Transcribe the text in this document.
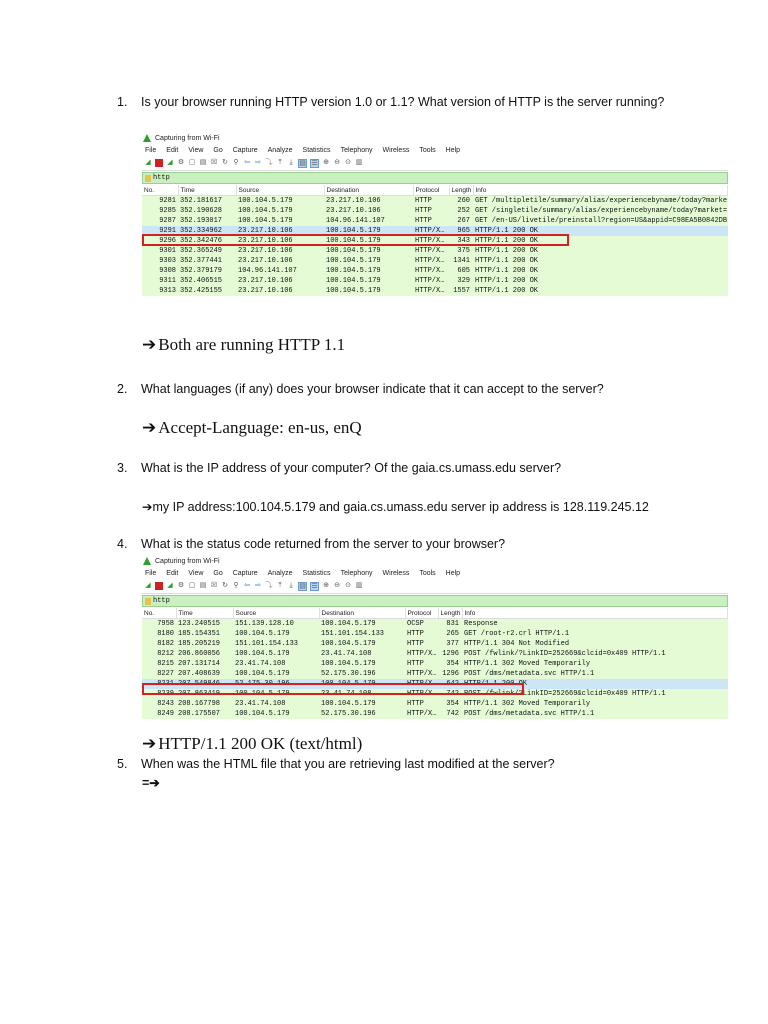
1. Is your browser running HTTP version 1.0 or 1.1? What version of HTTP is the server running?
Capturing from Wi-Fi
File Edit View Go Capture Analyze Statistics Telephony Wireless Tools Help
◢ ◢ ⚙ ▢ ▤ ☒ ↻ ⚲ ⇦ ⇨ ⤵ ⤒	⤓ ▤ ☰ ⊕ ⊖ ⊙ ▥
http
No.	Time	Source	Destination	Protocol	Length	Info
9281	352.181617	100.104.5.179	23.217.10.106	HTTP	260	GET /multipletile/summary/alias/experiencebyname/today?marke
9285	352.190628	100.104.5.179	23.217.10.106	HTTP	252	GET /singletile/summary/alias/experiencebyname/today?market=
9287	352.193017	100.104.5.179	104.96.141.107	HTTP	267	GET /en-US/livetile/preinstall?region=US&appid=C98EA5B0842DB
9291	352.334962	23.217.10.106	100.104.5.179	HTTP/X…	965	HTTP/1.1 200 OK
9296	352.342476	23.217.10.106	100.104.5.179	HTTP/X…	343	HTTP/1.1 200 OK
9301	352.365249	23.217.10.106	100.104.5.179	HTTP/X…	375	HTTP/1.1 200 OK
9303	352.377441	23.217.10.106	100.104.5.179	HTTP/X…	1341	HTTP/1.1 200 OK
9308	352.379179	104.96.141.107	100.104.5.179	HTTP/X…	605	HTTP/1.1 200 OK
9311	352.406515	23.217.10.106	100.104.5.179	HTTP/X…	329	HTTP/1.1 200 OK
9313	352.425155	23.217.10.106	100.104.5.179	HTTP/X…	1557	HTTP/1.1 200 OK
➔ Both are running HTTP 1.1
2. What languages (if any) does your browser indicate that it can accept to the server?
➔ Accept-Language: en-us, enQ
3. What is the IP address of your computer? Of the gaia.cs.umass.edu server?
➔my IP address:100.104.5.179 and gaia.cs.umass.edu server ip address is 128.119.245.12
4. What is the status code returned from the server to your browser?
Capturing from Wi-Fi
File Edit View Go Capture Analyze Statistics Telephony Wireless Tools Help
◢ ◢ ⚙ ▢ ▤ ☒ ↻ ⚲ ⇦ ⇨ ⤵ ⤒	⤓ ▤ ☰ ⊕ ⊖ ⊙ ▥
http
No.	Time	Source	Destination	Protocol	Length	Info
7958	123.240515	151.139.128.10	100.104.5.179	OCSP	831	Response
8180	185.154351	100.104.5.179	151.101.154.133	HTTP	265	GET /root-r2.crl HTTP/1.1
8182	185.205219	151.101.154.133	100.104.5.179	HTTP	377	HTTP/1.1 304 Not Modified
8212	206.860056	100.104.5.179	23.41.74.108	HTTP/X…	1296	POST /fwlink/?LinkID=252669&clcid=0x409 HTTP/1.1
8215	207.131714	23.41.74.108	100.104.5.179	HTTP	354	HTTP/1.1 302 Moved Temporarily
8227	207.408639	100.104.5.179	52.175.30.196	HTTP/X…	1296	POST /dms/metadata.svc HTTP/1.1
8231	207.549846	52.175.30.196	100.104.5.179	HTTP/X…	642	HTTP/1.1 200 OK
8239	207.863419	100.104.5.179	23.41.74.108	HTTP/X…	742	POST /fwlink/?LinkID=252669&clcid=0x409 HTTP/1.1
8243	208.167798	23.41.74.108	100.104.5.179	HTTP	354	HTTP/1.1 302 Moved Temporarily
8249	208.175507	100.104.5.179	52.175.30.196	HTTP/X…	742	POST /dms/metadata.svc HTTP/1.1
➔ HTTP/1.1 200 OK (text/html)
5. When was the HTML file that you are retrieving last modified at the server?
=➔
